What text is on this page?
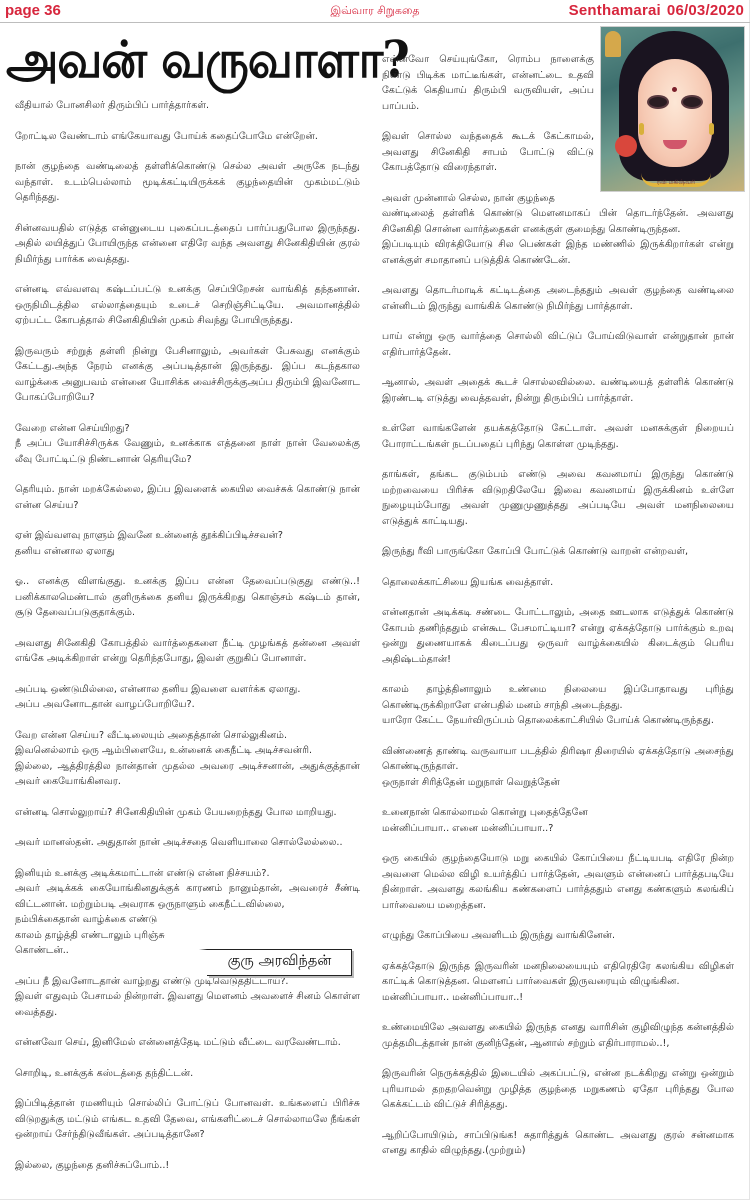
page 36	இவ்வார சிறுகதை	Senthamarai 06/03/2020
அவன் வருவாளா?
ரவி மகிஷ்வரி

வீதியால் போனசிலர் திரும்பிப் பார்த்தார்கள்.

றோட்டில வேண்டாம் எங்கேயாவது போய்க் கதைப்போமே என்றேன்.

நான் குழந்தை வண்டிலைத் தள்ளிக்கொண்டு செல்ல அவள் அருகே நடந்து வந்தாள். உடம்பெல்லாம் மூடிக்கட்டியிருக்கக் குழந்தையின் முகம்மட்டும் தெரிந்தது.

சின்னவயதில் எடுத்த என்னுடைய புகைப்படத்தைப் பார்ப்பதுபோல இருந்தது. அதில் லயித்துப் போயிருந்த என்னை எதிரே வந்த அவளது சினேகிதியின் குரல் நிமிர்ந்து பார்க்க வைத்தது.

என்னடி எவ்வளவு கஷ்டப்பட்டு உனக்கு செப்பிறேசன் வாங்கித் தந்தனான். ஒருநிமிடத்தில எல்லாத்தையும் உடைச் செறிஞ்சிட்டியே. அவமானத்தில் ஏற்பட்ட கோபத்தால் சினேகிதியின் முகம் சிவந்து போயிருந்தது.

இருவரும் சற்றுத் தள்ளி நின்று பேசினாலும், அவர்கள் பேசுவது எனக்கும் கேட்டது.அந்த நேரம் எனக்கு அப்படித்தான் இருந்தது. இப்ப கடந்தகால வாழ்க்கை அனுபவம் என்னை யோசிக்க வைச்சிருக்குஅப்ப திரும்பி இவனோட போகப்போறியே?

வேறை என்ன செய்யிறது?
நீ அப்ப யோசிச்சிருக்க வேணும், உனக்காக எத்தனை நாள் நான் வேலைக்கு லீவு போட்டிட்டு நிண்டனான் தெரியுமே?

தெரியும். நான் மறக்கேல்லை, இப்ப இவளைக் கையில வைச்சுக் கொண்டு நான் என்ன செய்ய?

ஏன் இவ்வளவு நாளும் இவனே உன்னைத் தூக்கிப்பிடிச்சவன்?
தனிய என்னால ஏலாது

ஓ.. எனக்கு விளங்குது. உனக்கு இப்ப என்ன தேவைப்படுகுது எண்டு..! பனிக்காலமெண்டால் குளிருக்கை தனிய இருக்கிறது கொஞ்சம் கஷ்டம் தான், சூடு தேவைப்படுகுதாக்கும்.

அவளது சினேகிதி கோபத்தில் வார்த்தைகளை நீட்டி முழங்கத் தன்னை அவள் எங்கே அடிக்கிறாள் என்று தெரிந்தபோது, இவள் குறுகிப் போனாள்.

அப்படி ஒண்டுமில்லை, என்னால தனிய இவளை வளர்க்க ஏலாது.
அப்ப அவனோடதான் வாழப்போறியே?.

வேற என்ன செய்ய? வீட்டிலையும் அதைத்தான் சொல்லுகினம்.
இவனெல்லாம் ஒரு ஆம்பிளையே, உன்னைக் கைநீட்டி அடிச்சவன்ரி.
இல்லை, ஆத்திரத்தில நான்தான் முதல்ல அவரை அடிச்சனான், அதுக்குத்தான் அவர் கையோங்கினவர.

என்னடி சொல்லுறாய்? சினேகிதியின் முகம் பேயறைந்தது போல மாறியது.

அவர் மானஸ்தன். அதுதான் நான் அடிச்சதை வெளியாலை சொல்லேல்லை..

இனியும் உனக்கு அடிக்கமாட்டான் எண்டு என்ன நிச்சயம்?.
அவர் அடிக்கக் கையோங்கினதுக்குக் காரணம் நானும்தான், அவரைச் சீண்டி விட்டனான். மற்றும்படி அவராக ஒருநாளும் கைநீட்டவில்லை,
நம்பிக்கைதான் வாழ்க்கை எண்டு
காலம் தாழ்த்தி எண்டாலும் புரிஞ்சு
கொண்டன்..

அப்ப நீ இவனோடதான் வாழ்றது எண்டு முடிவெடுத்திட்டாய்?.
இவள் எதுவும் பேசாமல் நின்றாள். இவளது மௌனம் அவளைச் சினம் கொள்ள வைத்தது.

என்னவோ செய், இனிமேல் என்னைத்தேடி மட்டும் வீட்டை வரவேண்டாம்.

சொறிடி, உனக்குக் கஸ்டத்தை தந்திட்டன்.

இப்பிடித்தான் ரமணியும் சொல்லிப் போட்டுப் போனவள். உங்களைப் பிரிச்சு விடுறதுக்கு மட்டும் எங்கட உதவி தேவை, எங்களிட்டைச் சொல்லாமலே நீங்கள் ஒன்றாய் சேர்ந்திடுவீங்கள். அப்படித்தானே?

இல்லை, குழந்தை தனிச்சுப்போம்..!

குரு அரவிந்தன்

என்னவோ செய்யுங்கோ, ரொம்ப நாளைக்கு நிண்டு பிடிக்க மாட்டீங்கள், என்னட்டை உதவி கேட்டுக் கெதியாய் திரும்பி வருவியள், அப்ப பாப்பம்.

இவள் சொல்ல வந்ததைக் கூடக் கேட்காமல், அவளது சினேகிதி சாபம் போட்டு விட்டு கோபத்தோடு விரைந்தாள்.

அவள் முன்னால் செல்ல, நான் குழந்தை
வண்டிலைத் தள்ளிக் கொண்டு மௌனமாகப் பின் தொடர்ந்தேன். அவளது சினேகிதி சொன்ன வார்த்தைகள் எனக்குள் குமைந்து கொண்டிருந்தன.
இப்படியும் விரக்தியோடு சில பெண்கள் இந்த மண்ணில் இருக்கிறார்கள் என்று எனக்குள் சமாதானப் படுத்திக் கொண்டேன்.

அவளது தொடர்மாடிக் கட்டிடத்தை அடைந்ததும் அவள் குழந்தை வண்டிலை என்னிடம் இருந்து வாங்கிக் கொண்டு நிமிர்ந்து பார்த்தாள்.

பாய் என்று ஒரு வார்த்தை சொல்லி விட்டுப் போய்விடுவாள் என்றுதான் நான் எதிர்பார்த்தேன்.

ஆனால், அவள் அதைக் கூடச் சொல்லவில்லை. வண்டியைத் தள்ளிக் கொண்டு இரண்டடி எடுத்து வைத்தவள், நின்று திரும்பிப் பார்த்தாள்.

உள்ளே வாங்களேன் தயக்கத்தோடு கேட்டாள். அவள் மனசுக்குள் நிறையப் போராட்டங்கள் நடப்பதைப் புரிந்து கொள்ள முடிந்தது.

தாங்கள், தங்கட குடும்பம் எண்டு அவை கவனமாய் இருந்து கொண்டு மற்றவையை பிரிச்சு விடுறதிலேயே இவை கவனமாய் இருக்கினம் உள்ளே நுழையும்போது அவள் முணுமுணுத்தது அப்படியே அவள் மனநிலையை எடுத்துக் காட்டியது.

இருந்து ரீவி பாருங்கோ கோப்பி போட்டுக் கொண்டு வாறன் என்றவள்,

தொலைக்காட்சியை இயங்க வைத்தாள்.

என்னதான் அடிக்கடி சண்டை போட்டாலும், அதை ஊடலாக எடுத்துக் கொண்டு கோபம் தணிந்ததும் என்கூட பேசமாட்டியா? என்று ஏக்கத்தோடு பார்க்கும் உறவு ஒன்று துணையாகக் கிடைப்பது ஒருவர் வாழ்க்கையில் கிடைக்கும் பெரிய அதிஷ்டம்தான்!

காலம் தாழ்த்தினாலும் உண்மை நிலையை இப்போதாவது புரிந்து கொண்டிருக்கிறாளே என்பதில் மனம் சாந்தி அடைந்தது.
யாரோ கேட்ட நேயர்விருப்பம் தொலைக்காட்சியில் போய்க் கொண்டிருந்தது.

விண்ணைத் தாண்டி வருவாயா படத்தில் திரிஷா திரையில் ஏக்கத்தோடு அசைந்து கொண்டிருந்தாள்.
ஒருநாள் சிரித்தேன் மறுநாள் வெறுத்தேன்

உனைநான் கொல்லாமல் கொன்று புதைத்தேனே
மன்னிப்பாயா.. எனை மன்னிப்பாயா..?

ஒரு கையில் குழந்தையோடு மறு கையில் கோப்பியை நீட்டியபடி எதிரே நின்ற அவளை மெல்ல விழி உயர்த்திப் பார்த்தேன், அவளும் என்னைப் பார்த்தபடியே நின்றாள். அவளது கலங்கிய கண்களைப் பார்த்ததும் எனது கண்களும் கலங்கிப் பார்வையை மறைத்தன.

எழுந்து கோப்பியை அவளிடம் இருந்து வாங்கினேன்.

ஏக்கத்தோடு இருந்த இருவரின் மனநிலையையும் எதிரெதிரே கலங்கிய விழிகள் காட்டிக் கொடுத்தன. மௌனப் பார்வைகள் இருவரையும் விழுங்கின.
மன்னிப்பாயா.. மன்னிப்பாயா..!

உண்மையிலே அவளது கையில் இருந்த எனது வாரிசின் குழிவிழுந்த கன்னத்தில் முத்தமிடத்தான் நான் குனிந்தேன், ஆனால் சற்றும் எதிர்பாராமல்..!,

இருவரின் நெருக்கத்தில் இடையில் அகப்பட்டு, என்ன நடக்கிறது என்று ஒன்றும் புரியாமல் தறதறவென்று முழித்த குழந்தை மறுகணம் ஏதோ புரிந்தது போல கெக்கட்டம் விட்டுச் சிரித்தது.

ஆறிப்போயிடும், சாப்பிடுங்க! சுதாரித்துக் கொண்ட அவளது குரல் சன்னமாக எனது காதில் விழுந்தது.(முற்றும்)
